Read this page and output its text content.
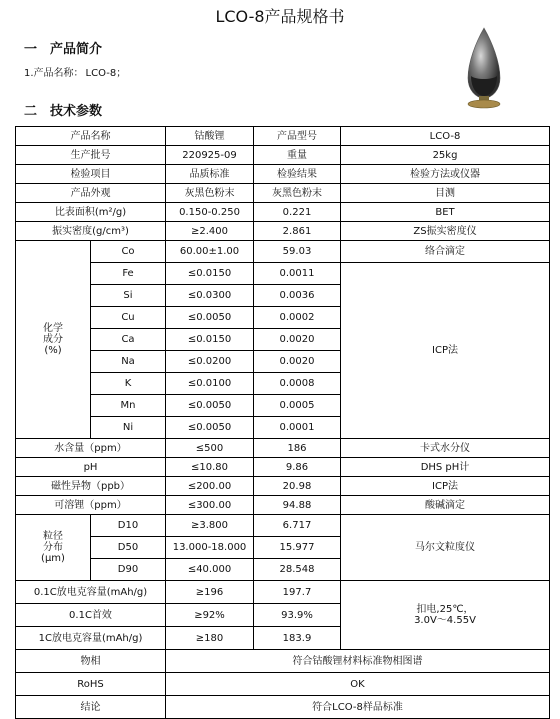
LCO-8产品规格书
一 产品简介
1.产品名称： LCO-8；
二 技术参数
产品名称		钴酸锂	产品型号	LCO-8
生产批号		220925-09	重量	25kg
检验项目		品质标准	检验结果	检验方法或仪器
产品外观		灰黑色粉末	灰黑色粉末	目测
比表面积(m²/g)		0.150-0.250	0.221	BET
振实密度(g/cm³)		≥2.400	2.861	ZS振实密度仪

化学
成分
(%)	Co	60.00±1.00	59.03	络合滴定
	Fe	≤0.0150	0.0011	ICP法
	Si	≤0.0300	0.0036	
	Cu	≤0.0050	0.0002	
	Ca	≤0.0150	0.0020	
	Na	≤0.0200	0.0020	
	K	≤0.0100	0.0008	
	Mn	≤0.0050	0.0005	
	Ni	≤0.0050	0.0001	
水含量（ppm）		≤500	186	卡式水分仪
pH		≤10.80	9.86	DHS pH计
磁性异物（ppb）		≤200.00	20.98	ICP法
可溶锂（ppm）		≤300.00	94.88	酸碱滴定

粒径
分布
(μm)	D10	≥3.800	6.717	马尔文粒度仪
	D50	13.000-18.000	15.977	
	D90	≤40.000	28.548	
0.1C放电克容量(mAh/g)		≥196	197.7	扣电,25℃，
3.0V～4.55V

0.1C首效		≥92%	93.9%	
1C放电克容量(mAh/g)		≥180	183.9	
物相		符合钴酸锂材料标准物相图谱		
RoHS		OK		
结论		符合LCO-8样品标准		
